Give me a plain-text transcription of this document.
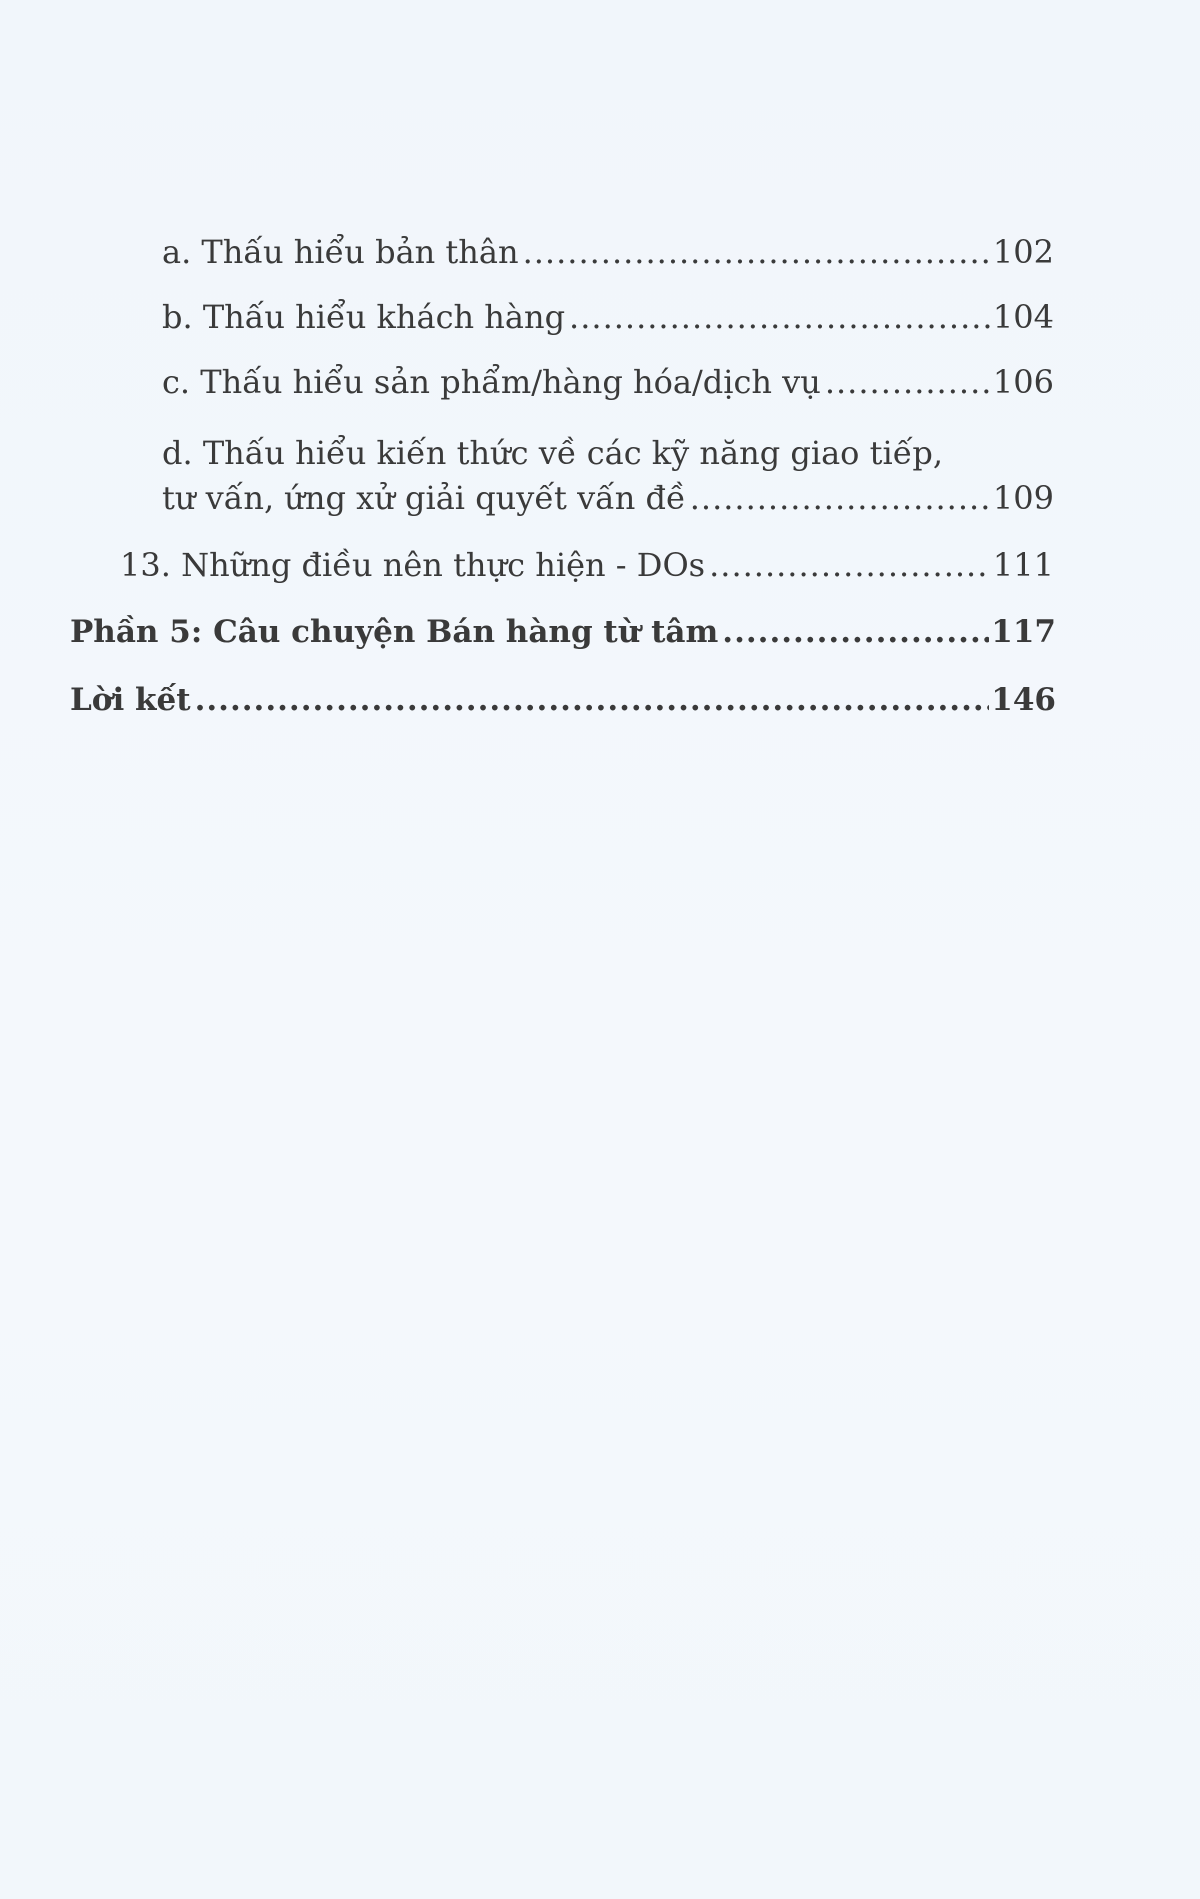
a. Thấu hiểu bản thân .....	102
b. Thấu hiểu khách hàng .....	104
c. Thấu hiểu sản phẩm/hàng hóa/dịch vụ .....	106
d. Thấu hiểu kiến thức về các kỹ năng giao tiếp,
tư vấn, ứng xử giải quyết vấn đề .....	109
13. Những điều nên thực hiện - DOs .....	111
Phần 5: Câu chuyện Bán hàng từ tâm .....	117
Lời kết .....	146
